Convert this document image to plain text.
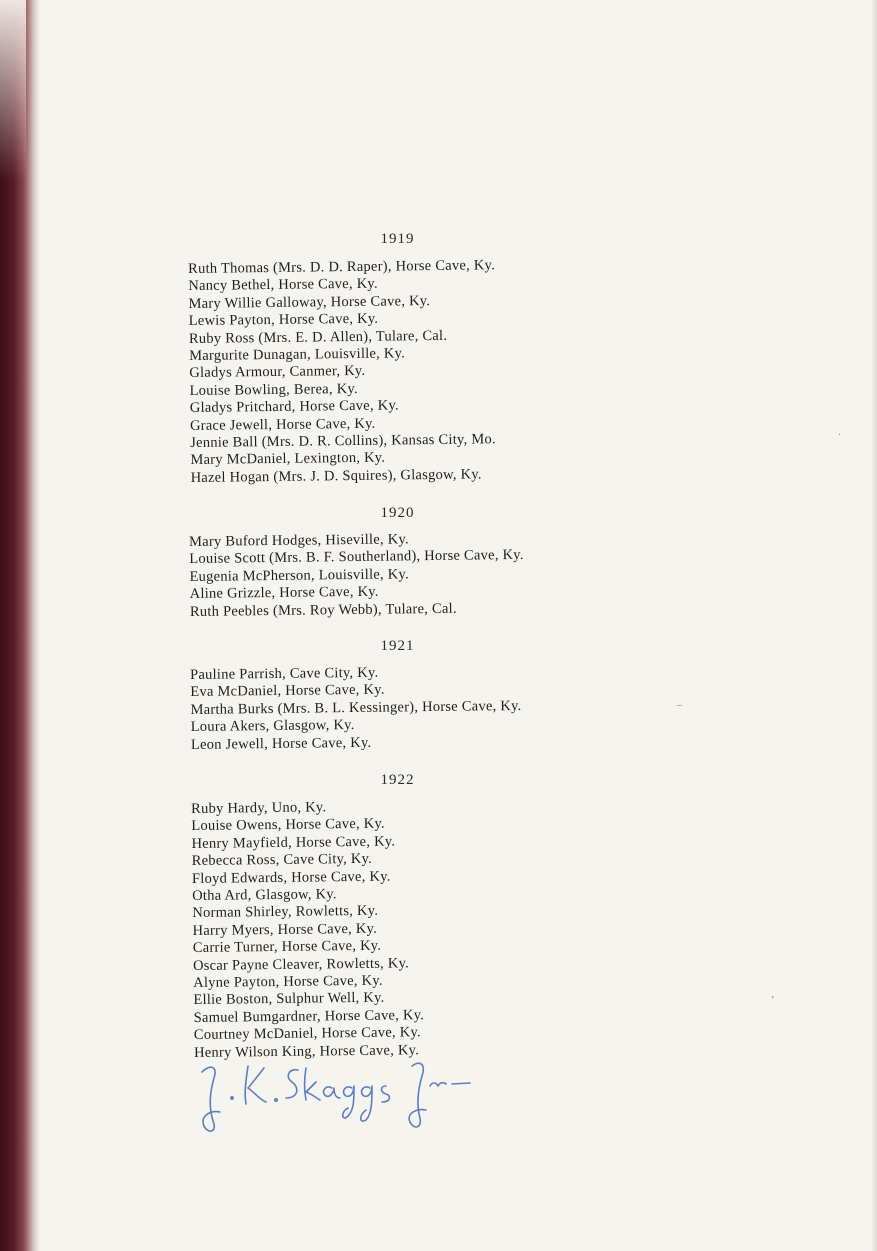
1919
Ruth Thomas (Mrs. D. D. Raper), Horse Cave, Ky.
Nancy Bethel, Horse Cave, Ky.
Mary Willie Galloway, Horse Cave, Ky.
Lewis Payton, Horse Cave, Ky.
Ruby Ross (Mrs. E. D. Allen), Tulare, Cal.
Margurite Dunagan, Louisville, Ky.
Gladys Armour, Canmer, Ky.
Louise Bowling, Berea, Ky.
Gladys Pritchard, Horse Cave, Ky.
Grace Jewell, Horse Cave, Ky.
Jennie Ball (Mrs. D. R. Collins), Kansas City, Mo.
Mary McDaniel, Lexington, Ky.
Hazel Hogan (Mrs. J. D. Squires), Glasgow, Ky.
1920
Mary Buford Hodges, Hiseville, Ky.
Louise Scott (Mrs. B. F. Southerland), Horse Cave, Ky.
Eugenia McPherson, Louisville, Ky.
Aline Grizzle, Horse Cave, Ky.
Ruth Peebles (Mrs. Roy Webb), Tulare, Cal.
1921
Pauline Parrish, Cave City, Ky.
Eva McDaniel, Horse Cave, Ky.
Martha Burks (Mrs. B. L. Kessinger), Horse Cave, Ky.
Loura Akers, Glasgow, Ky.
Leon Jewell, Horse Cave, Ky.
1922
Ruby Hardy, Uno, Ky.
Louise Owens, Horse Cave, Ky.
Henry Mayfield, Horse Cave, Ky.
Rebecca Ross, Cave City, Ky.
Floyd Edwards, Horse Cave, Ky.
Otha Ard, Glasgow, Ky.
Norman Shirley, Rowletts, Ky.
Harry Myers, Horse Cave, Ky.
Carrie Turner, Horse Cave, Ky.
Oscar Payne Cleaver, Rowletts, Ky.
Alyne Payton, Horse Cave, Ky.
Ellie Boston, Sulphur Well, Ky.
Samuel Bumgardner, Horse Cave, Ky.
Courtney McDaniel, Horse Cave, Ky.
Henry Wilson King, Horse Cave, Ky.
·
–
’
